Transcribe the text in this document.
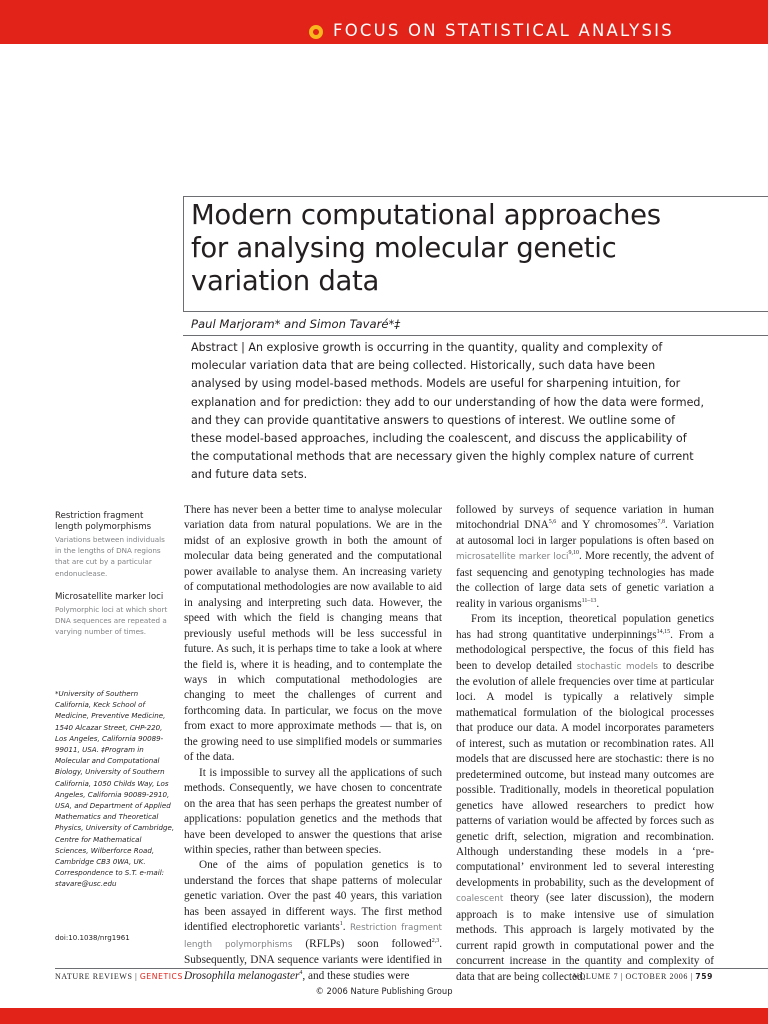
FOCUS ON STATISTICAL ANALYSIS
Modern computational approaches
for analysing molecular genetic
variation data
Paul Marjoram* and Simon Tavaré*‡

Abstract | An explosive growth is occurring in the quantity, quality and complexity of molecular variation data that are being collected. Historically, such data have been analysed by using model-based methods. Models are useful for sharpening intuition, for explanation and for prediction: they add to our understanding of how the data were formed, and they can provide quantitative answers to questions of interest. We outline some of these model-based approaches, including the coalescent, and discuss the applicability of the computational methods that are necessary given the highly complex nature of current and future data sets.

Restriction fragment length polymorphisms
Variations between individuals in the lengths of DNA regions that are cut by a particular endonuclease.
Microsatellite marker loci
Polymorphic loci at which short DNA sequences are repeated a varying number of times.
*University of Southern California, Keck School of Medicine, Preventive Medicine, 1540 Alcazar Street, CHP-220, Los Angeles, California 90089-99011, USA. ‡Program in Molecular and Computational Biology, University of Southern California, 1050 Childs Way, Los Angeles, California 90089-2910, USA, and Department of Applied Mathematics and Theoretical Physics, University of Cambridge, Centre for Mathematical Sciences, Wilberforce Road, Cambridge CB3 0WA, UK. Correspondence to S.T. e-mail: stavare@usc.edu
doi:10.1038/nrg1961

There has never been a better time to analyse molecular variation data from natural populations. We are in the midst of an explosive growth in both the amount of molecular data being generated and the computational power available to analyse them. An increasing variety of computational methodologies are now available to aid in analysing and interpreting such data. However, the speed with which the field is changing means that previously useful methods will be less successful in future. As such, it is perhaps time to take a look at where the field is, where it is heading, and to contemplate the ways in which computational methodologies are changing to meet the challenges of current and forthcoming data. In particular, we focus on the move from exact to more approximate methods — that is, on the growing need to use simplified models or summaries of the data.

It is impossible to survey all the applications of such methods. Consequently, we have chosen to concentrate on the area that has seen perhaps the greatest number of applications: population genetics and the methods that have been developed to answer the questions that arise within species, rather than between species.

One of the aims of population genetics is to understand the forces that shape patterns of molecular genetic variation. Over the past 40 years, this variation has been assayed in different ways. The first method identified electrophoretic variants$^1$. Restriction fragment length polymorphisms (RFLPs) soon followed$^{2,3}$. Subsequently, DNA sequence variants were identified in Drosophila melanogaster$^4$, and these studies were

followed by surveys of sequence variation in human mitochondrial DNA$^{5,6}$ and Y chromosomes$^{7,8}$. Variation at autosomal loci in larger populations is often based on microsatellite marker loci$^{9,10}$. More recently, the advent of fast sequencing and genotyping technologies has made the collection of large data sets of genetic variation a reality in various organisms$^{11-13}$.

From its inception, theoretical population genetics has had strong quantitative underpinnings$^{14,15}$. From a methodological perspective, the focus of this field has been to develop detailed stochastic models to describe the evolution of allele frequencies over time at particular loci. A model is typically a relatively simple mathematical formulation of the biological processes that produce our data. A model incorporates parameters of interest, such as mutation or recombination rates. All models that are discussed here are stochastic: there is no predetermined outcome, but instead many outcomes are possible. Traditionally, models in theoretical population genetics have allowed researchers to predict how patterns of variation would be affected by forces such as genetic drift, selection, migration and recombination. Although understanding these models in a ‘pre-computational’ environment led to several interesting developments in probability, such as the development of coalescent theory (see later discussion), the modern approach is to make intensive use of simulation methods. This approach is largely motivated by the current rapid growth in computational power and the concurrent increase in the quantity and complexity of data that are being collected.

NATURE REVIEWS | GENETICS	VOLUME 7 | OCTOBER 2006 | 759
© 2006 Nature Publishing Group
